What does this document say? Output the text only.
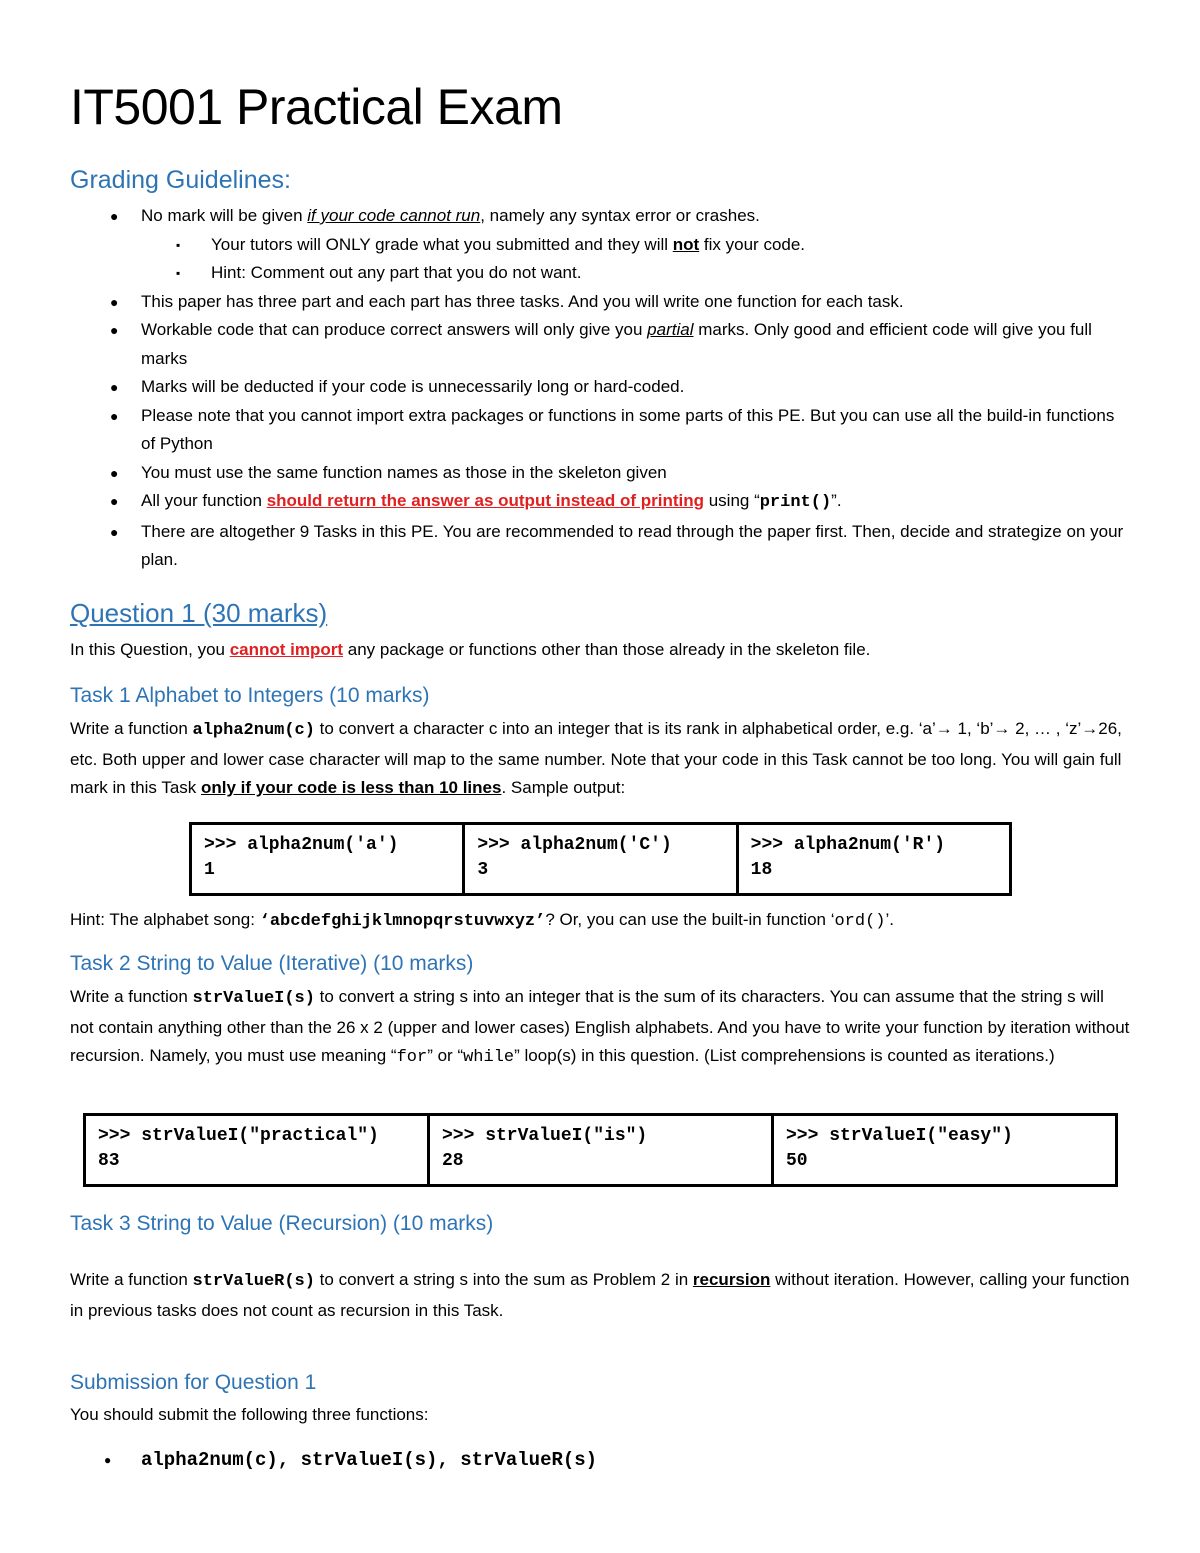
IT5001 Practical Exam
Grading Guidelines:
● No mark will be given if your code cannot run, namely any syntax error or crashes.
▪ Your tutors will ONLY grade what you submitted and they will not fix your code.
▪ Hint: Comment out any part that you do not want.
● This paper has three part and each part has three tasks. And you will write one function for each task.
● Workable code that can produce correct answers will only give you partial marks. Only good and efficient code will give you full marks
● Marks will be deducted if your code is unnecessarily long or hard-coded.
● Please note that you cannot import extra packages or functions in some parts of this PE. But you can use all the build-in functions of Python
● You must use the same function names as those in the skeleton given
● All your function should return the answer as output instead of printing using “print()”.
● There are altogether 9 Tasks in this PE. You are recommended to read through the paper first. Then, decide and strategize on your plan.
Question 1 (30 marks)
In this Question, you cannot import any package or functions other than those already in the skeleton file.
Task 1 Alphabet to Integers (10 marks)
Write a function alpha2num(c) to convert a character c into an integer that is its rank in alphabetical order, e.g. ‘a’→ 1, ‘b’→ 2, … , ‘z’→26, etc. Both upper and lower case character will map to the same number. Note that your code in this Task cannot be too long. You will gain full mark in this Task only if your code is less than 10 lines. Sample output:
>>> alpha2num('a')
1

>>> alpha2num('C')
3

>>> alpha2num('R')
18
Hint: The alphabet song: ‘abcdefghijklmnopqrstuvwxyz’? Or, you can use the built-in function ‘ord()’.
Task 2 String to Value (Iterative) (10 marks)
Write a function strValueI(s) to convert a string s into an integer that is the sum of its characters. You can assume that the string s will not contain anything other than the 26 x 2 (upper and lower cases) English alphabets. And you have to write your function by iteration without recursion. Namely, you must use meaning “for” or “while” loop(s) in this question. (List comprehensions is counted as iterations.)
>>> strValueI("practical")
83

>>> strValueI("is")
28

>>> strValueI("easy")
50
Task 3 String to Value (Recursion) (10 marks)
Write a function strValueR(s) to convert a string s into the sum as Problem 2 in recursion without iteration. However, calling your function in previous tasks does not count as recursion in this Task.
Submission for Question 1
You should submit the following three functions:
● alpha2num(c), strValueI(s), strValueR(s)
